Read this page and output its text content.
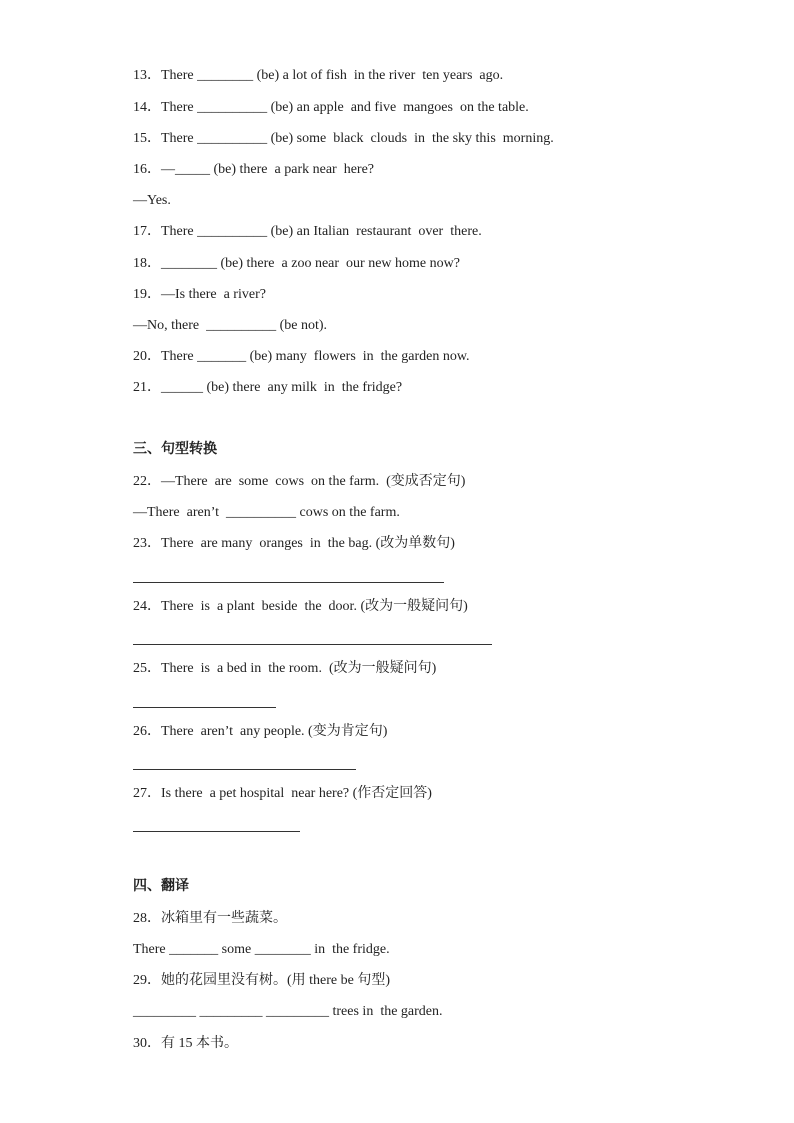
13．There ________ (be) a lot of fish  in the river  ten years  ago.
14．There __________ (be) an apple  and five  mangoes  on the table.
15．There __________ (be) some  black  clouds  in  the sky this  morning.
16．—_____ (be) there  a park near  here?
—Yes.
17．There __________ (be) an Italian  restaurant  over  there.
18．________ (be) there  a zoo near  our new home now?
19．—Is there  a river?
—No, there  __________ (be not).
20．There _______ (be) many  flowers  in  the garden now.
21．______ (be) there  any milk  in  the fridge?
三、句型转换
22．—There  are  some  cows  on the farm.  (变成否定句)
—There  aren’t  __________ cows on the farm.
23．There  are many  oranges  in  the bag. (改为单数句)
24．There  is  a plant  beside  the  door. (改为一般疑问句)
25．There  is  a bed in  the room.  (改为一般疑问句)
26．There  aren’t  any people. (变为肯定句)
27．Is there  a pet hospital  near here? (作否定回答)
四、翻译
28．冰箱里有一些蔬菜。
There _______ some ________ in  the fridge.
29．她的花园里没有树。(用 there be 句型)
_________ _________ _________ trees in  the garden.
30．有 15 本书。
